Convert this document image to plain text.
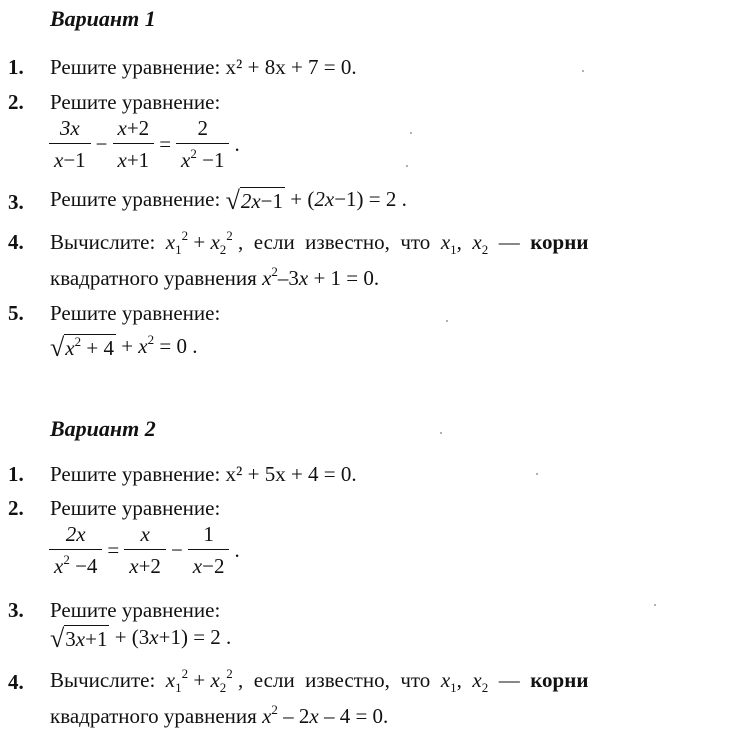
Вариант 1
1. Решите уравнение: x² + 8x + 7 = 0.
2. Решите уравнение:
$\frac{3x}{x-1} - \frac{x+2}{x+1} = \frac{2}{x^2 -1}$ .
3. Решите уравнение: √2x−1 + (2x−1) = 2 .
4. Вычислите:  $x_1^2 + x_2^2$ ,  если  известно,  что  $x_1$,  $x_2$  —  корни
квадратного уравнения $x^2-3x + 1 = 0$.
5. Решите уравнение:
$√x^2 + 4 + x^2 = 0$ .
Вариант 2
1. Решите уравнение: x² + 5x + 4 = 0.
2. Решите уравнение:
$\frac{2x}{x^2 -4} = \frac{x}{x+2} - \frac{1}{x-2}$ .
3. Решите уравнение:
√3x+1 + (3x+1) = 2 .
4. Вычислите:  $x_1^2 + x_2^2$ ,  если  известно,  что  $x_1$,  $x_2$  —  корни
квадратного уравнения $x^2 - 2x - 4 = 0$.
